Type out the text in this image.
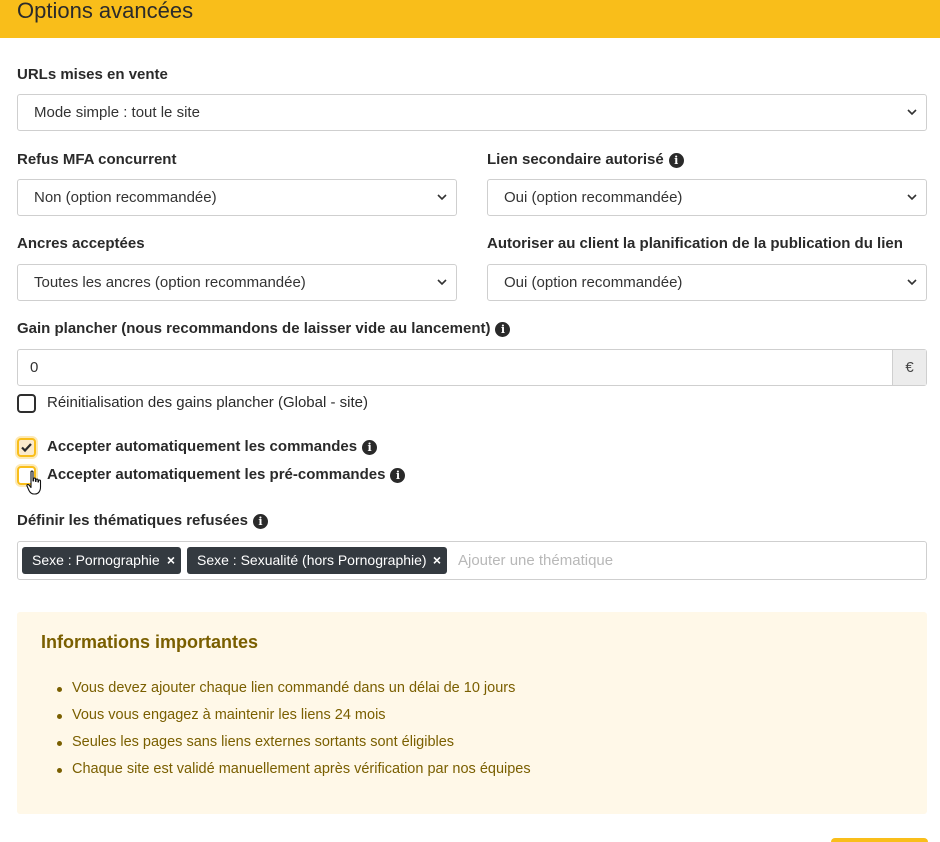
Options avancées
URLs mises en vente
Mode simple : tout le site
Refus MFA concurrent
Non (option recommandée)
Lien secondaire autorisé i
Oui (option recommandée)
Ancres acceptées
Toutes les ancres (option recommandée)
Autoriser au client la planification de la publication du lien
Oui (option recommandée)
Gain plancher (nous recommandons de laisser vide au lancement) i
0	€
Réinitialisation des gains plancher (Global - site)
Accepter automatiquement les commandes i
Accepter automatiquement les pré-commandes i
Définir les thématiques refusées i
Sexe : Pornographie ×	Sexe : Sexualité (hors Pornographie) × Ajouter une thématique
Informations importantes
Vous devez ajouter chaque lien commandé dans un délai de 10 jours
Vous vous engagez à maintenir les liens 24 mois
Seules les pages sans liens externes sortants sont éligibles
Chaque site est validé manuellement après vérification par nos équipes
